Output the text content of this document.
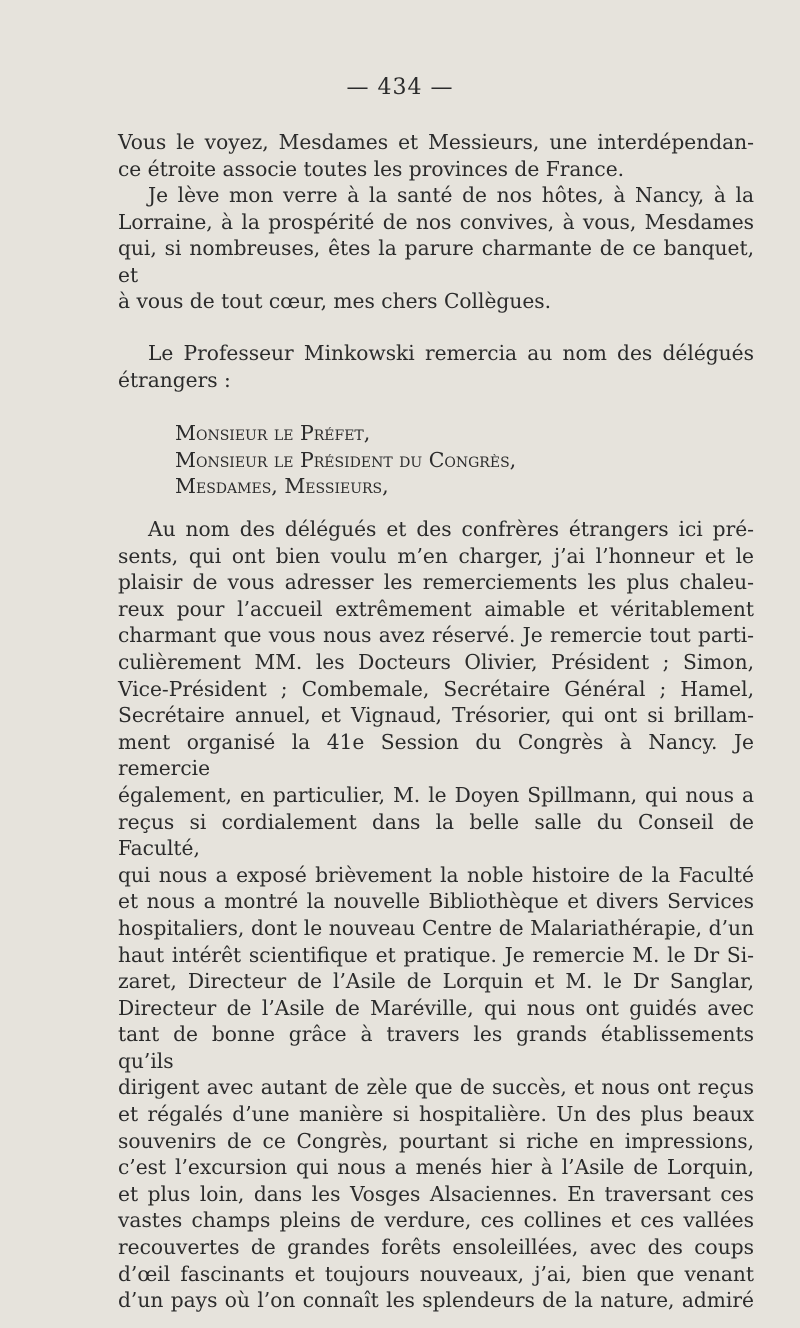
— 434 —

Vous le voyez, Mesdames et Messieurs, une interdépendan-

ce étroite associe toutes les provinces de France.

Je lève mon verre à la santé de nos hôtes, à Nancy, à la

Lorraine, à la prospérité de nos convives, à vous, Mesdames

qui, si nombreuses, êtes la parure charmante de ce banquet, et

à vous de tout cœur, mes chers Collègues.

Le Professeur Minkowski remercia au nom des délégués

étrangers :

Monsieur le Préfet,
Monsieur le Président du Congrès,
Mesdames, Messieurs,

Au nom des délégués et des confrères étrangers ici pré-

sents, qui ont bien voulu m’en charger, j’ai l’honneur et le

plaisir de vous adresser les remerciements les plus chaleu-

reux pour l’accueil extrêmement aimable et véritablement

charmant que vous nous avez réservé. Je remercie tout parti-

culièrement MM. les Docteurs Olivier, Président ; Simon,

Vice-Président ; Combemale, Secrétaire Général ; Hamel,

Secrétaire annuel, et Vignaud, Trésorier, qui ont si brillam-

ment organisé la 41e Session du Congrès à Nancy. Je remercie

également, en particulier, M. le Doyen Spillmann, qui nous a

reçus si cordialement dans la belle salle du Conseil de Faculté,

qui nous a exposé brièvement la noble histoire de la Faculté

et nous a montré la nouvelle Bibliothèque et divers Services

hospitaliers, dont le nouveau Centre de Malariathérapie, d’un

haut intérêt scientifique et pratique. Je remercie M. le Dr Si-

zaret, Directeur de l’Asile de Lorquin et M. le Dr Sanglar,

Directeur de l’Asile de Maréville, qui nous ont guidés avec

tant de bonne grâce à travers les grands établissements qu’ils

dirigent avec autant de zèle que de succès, et nous ont reçus

et régalés d’une manière si hospitalière. Un des plus beaux

souvenirs de ce Congrès, pourtant si riche en impressions,

c’est l’excursion qui nous a menés hier à l’Asile de Lorquin,

et plus loin, dans les Vosges Alsaciennes. En traversant ces

vastes champs pleins de verdure, ces collines et ces vallées

recouvertes de grandes forêts ensoleillées, avec des coups

d’œil fascinants et toujours nouveaux, j’ai, bien que venant

d’un pays où l’on connaît les splendeurs de la nature, admiré
